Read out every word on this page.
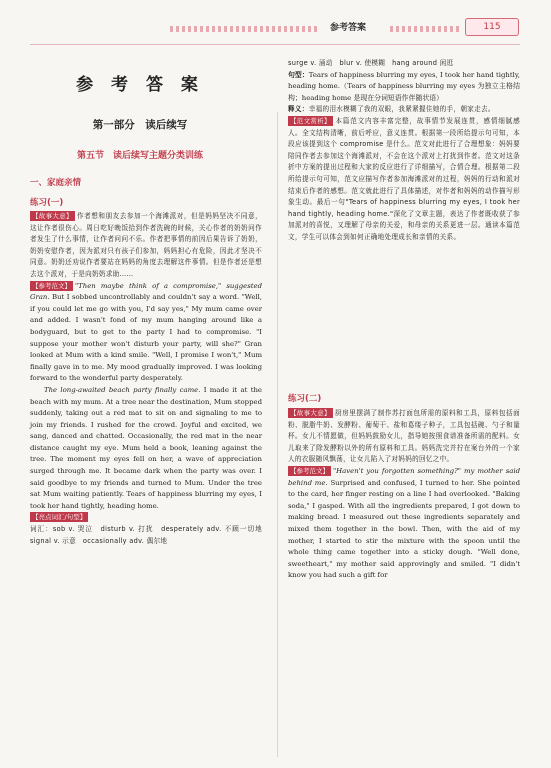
参考答案	115
参 考 答 案
第一部分　读后续写
第五节　读后续写主题分类训练
一、家庭亲情
练习(一)

【故事大意】 作者想和朋友去参加一个海滩派对，但是妈妈坚决不同意，这让作者很伤心。周日吃好晚饭拾到作者洗碗的时候，关心作者的奶奶问作者发生了什么事情，让作者问问不乐。作者把事情的前因后果告诉了奶奶，奶奶安慰作者，因为派对只有孩子们参加，妈妈担心有危险，因此才坚决不同意。奶奶还劝说作者要站在妈妈的角度去理解这件事情。但是作者还是想去这个派对，于是向奶奶求助……

【参考范文】 "Then maybe think of a compromise," suggested Gran. But I sobbed uncontrollably and couldn't say a word. "Well, if you could let me go with you, I'd say yes," My mum came over and added. I wasn't fond of my mum hanging around like a bodyguard, but to get to the party I had to compromise. "I suppose your mother won't disturb your party, will she?" Gran looked at Mum with a kind smile. "Well, I promise I won't," Mum finally gave in to me. My mood gradually improved. I was looking forward to the wonderful party desperately.

The long-awaited beach party finally came. I made it at the beach with my mum. At a tree near the destination, Mum stopped suddenly, taking out a red mat to sit on and signaling to me to join my friends. I rushed for the crowd. Joyful and excited, we sang, danced and chatted. Occasionally, the red mat in the near distance caught my eye. Mum held a book, leaning against the tree. The moment my eyes fell on her, a wave of appreciation surged through me. It became dark when the party was over. I said goodbye to my friends and turned to Mum. Under the tree sat Mum waiting patiently. Tears of happiness blurring my eyes, I took her hand tightly, heading home.

【亮点词汇/句型】

词汇：sob v. 哭泣　disturb v. 打扰　desperately adv. 不顾一切地　signal v. 示意　occasionally adv. 偶尔地

surge v. 涌动　blur v. 使模糊　hang around 闲逛

句型：Tears of happiness blurring my eyes, I took her hand tightly, heading home.（Tears of happiness blurring my eyes 为独立主格结构；heading home 是现在分词短语作伴随状语）

释义：幸福的泪水模糊了我的双眼，我紧紧握住她的手，朝家走去。

【范文赏析】 本篇范文内容丰富完整，故事情节发展连贯，感情细腻感人。全文结构清晰，前后呼应，意义连贯。根据第一段所给提示句可知，本段应该提到这个 compromise 是什么。范文对此进行了合理想象：妈妈要陪同作者去参加这个海滩派对，不会在这个派对上打扰到作者。范文对这条折中方案的提出过程和大家的反应进行了详细描写，合情合理。根据第二段所给提示句可知，范文应描写作者参加海滩派对的过程，妈妈的行动和派对结束后作者的感想。范文就此进行了具体描述，对作者和妈妈的动作描写形象生动。最后一句"Tears of happiness blurring my eyes, I took her hand tightly, heading home."深化了文章主题，表达了作者既收获了参加派对的喜悦，又理解了母亲的关爱，和母亲的关系更进一层。通读本篇范文，学生可以体会到如何正确地处理成长和亲情的关系。

练习(二)

【故事大意】 厨房里摆满了制作苏打面包所需的原料和工具，原料包括面粉、脱脂牛奶、发酵粉、葡萄干、盐和葛缕子种子，工具包括碗、勺子和量杯。女儿不情愿做，但妈妈鼓励女儿，指导她按照食谱准备所需的配料。女儿取来了除发酵粉以外的所有原料和工具。妈妈洗完并拧在案台外的一个家人的衣服随风飘荡，让女儿陷入了对妈妈的回忆之中。

【参考范文】 "Haven't you forgotten something?" my mother said behind me. Surprised and confused, I turned to her. She pointed to the card, her finger resting on a line I had overlooked. "Baking soda," I gasped. With all the ingredients prepared, I got down to making bread. I measured out these ingredients separately and mixed them together in the bowl. Then, with the aid of my mother, I started to stir the mixture with the spoon until the whole thing came together into a sticky dough. "Well done, sweetheart," my mother said approvingly and smiled. "I didn't know you had such a gift for
